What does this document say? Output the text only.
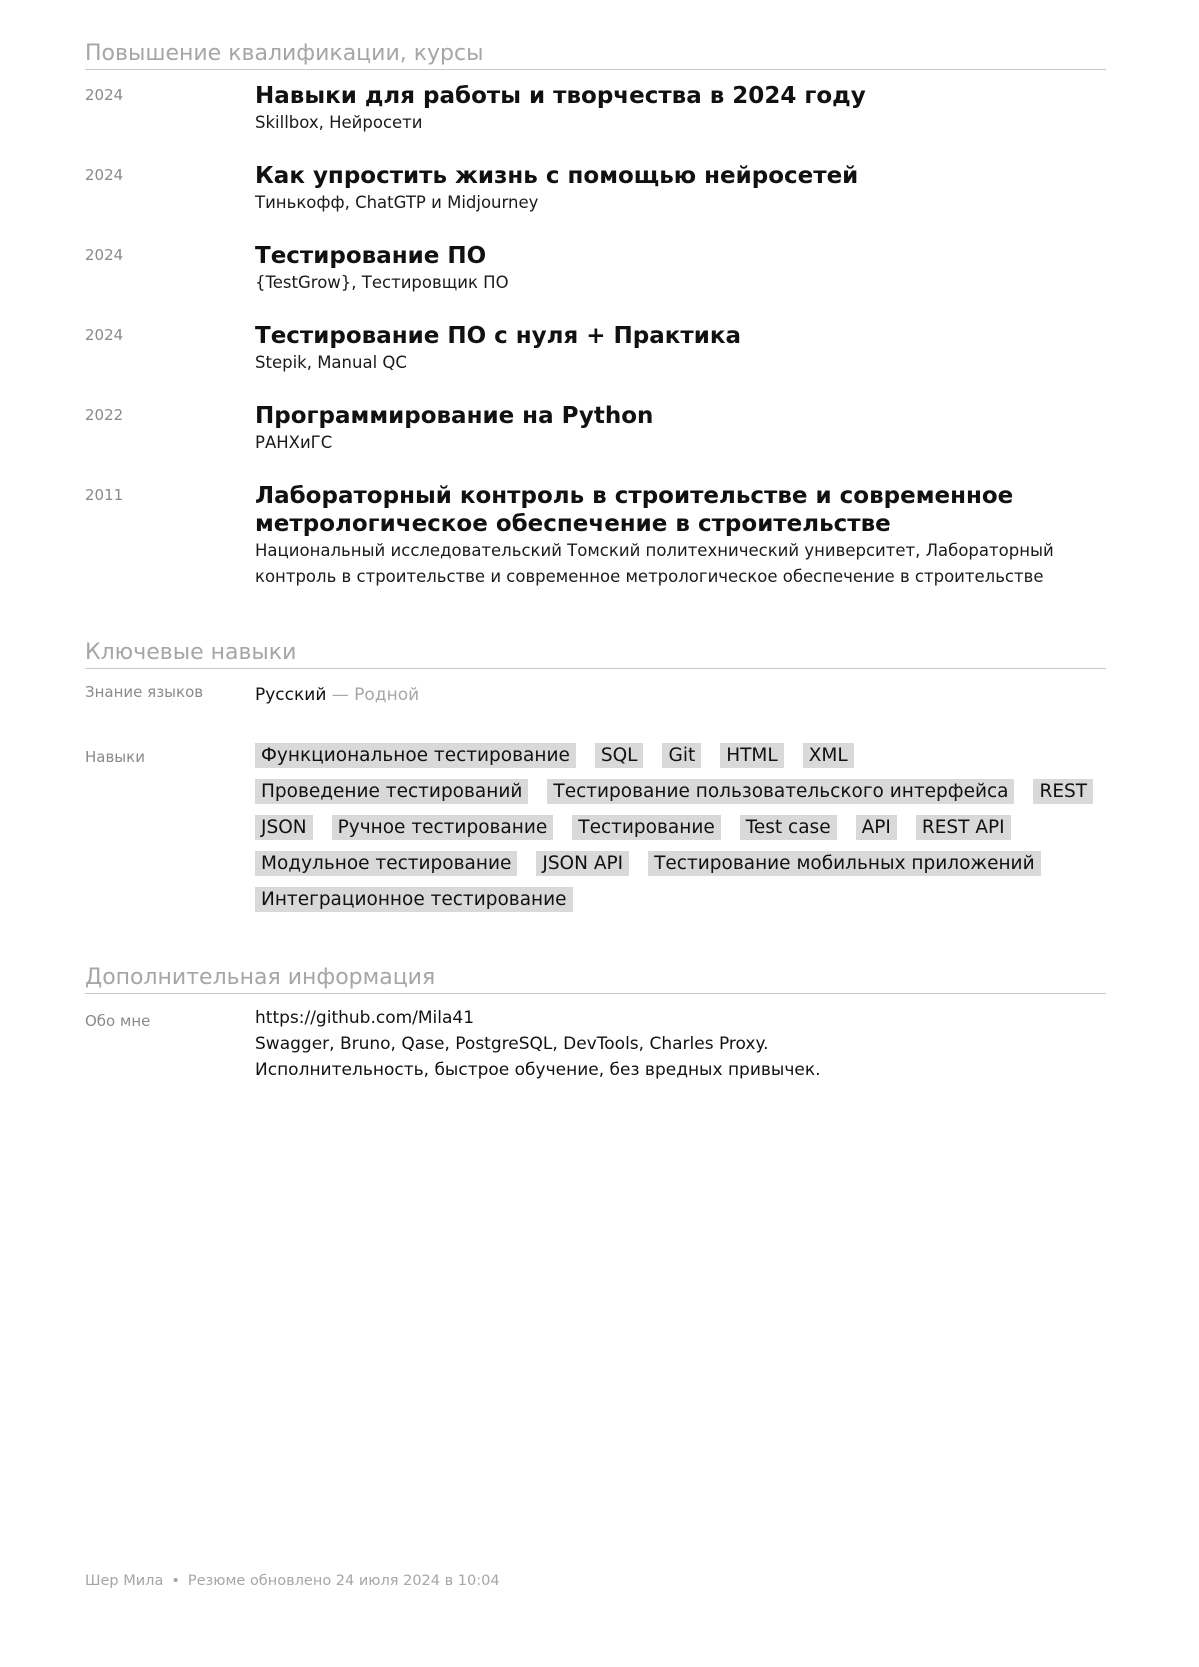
Повышение квалификации, курсы
2024	Навыки для работы и творчества в 2024 году

Skillbox, Нейросети

2024	Как упростить жизнь с помощью нейросетей

Тинькофф, ChatGTP и Midjourney

2024	Тестирование ПО

{TestGrow}, Тестировщик ПО

2024	Тестирование ПО с нуля + Практика

Stepik, Manual QC

2022	Программирование на Python

РАНХиГС

2011	Лабораторный контроль в строительстве и современное метрологическое обеспечение в строительстве

Национальный исследовательский Томский политехнический университет, Лабораторный контроль в строительстве и современное метрологическое обеспечение в строительстве

Ключевые навыки
Знание языков	Русский — Родной
Навыки	Функциональное тестирование	SQL	Git	HTML	XML
Проведение тестирований	Тестирование пользовательского интерфейса	REST
JSON	Ручное тестирование	Тестирование	Test case	API	REST API
Модульное тестирование	JSON API	Тестирование мобильных приложений
Интеграционное тестирование
Дополнительная информация
Обо мне	https://github.com/Mila41
Swagger, Bruno, Qase, PostgreSQL, DevTools, Charles Proxy.
Исполнительность, быстрое обучение, без вредных привычек.
Шер Мила • Резюме обновлено 24 июля 2024 в 10:04
